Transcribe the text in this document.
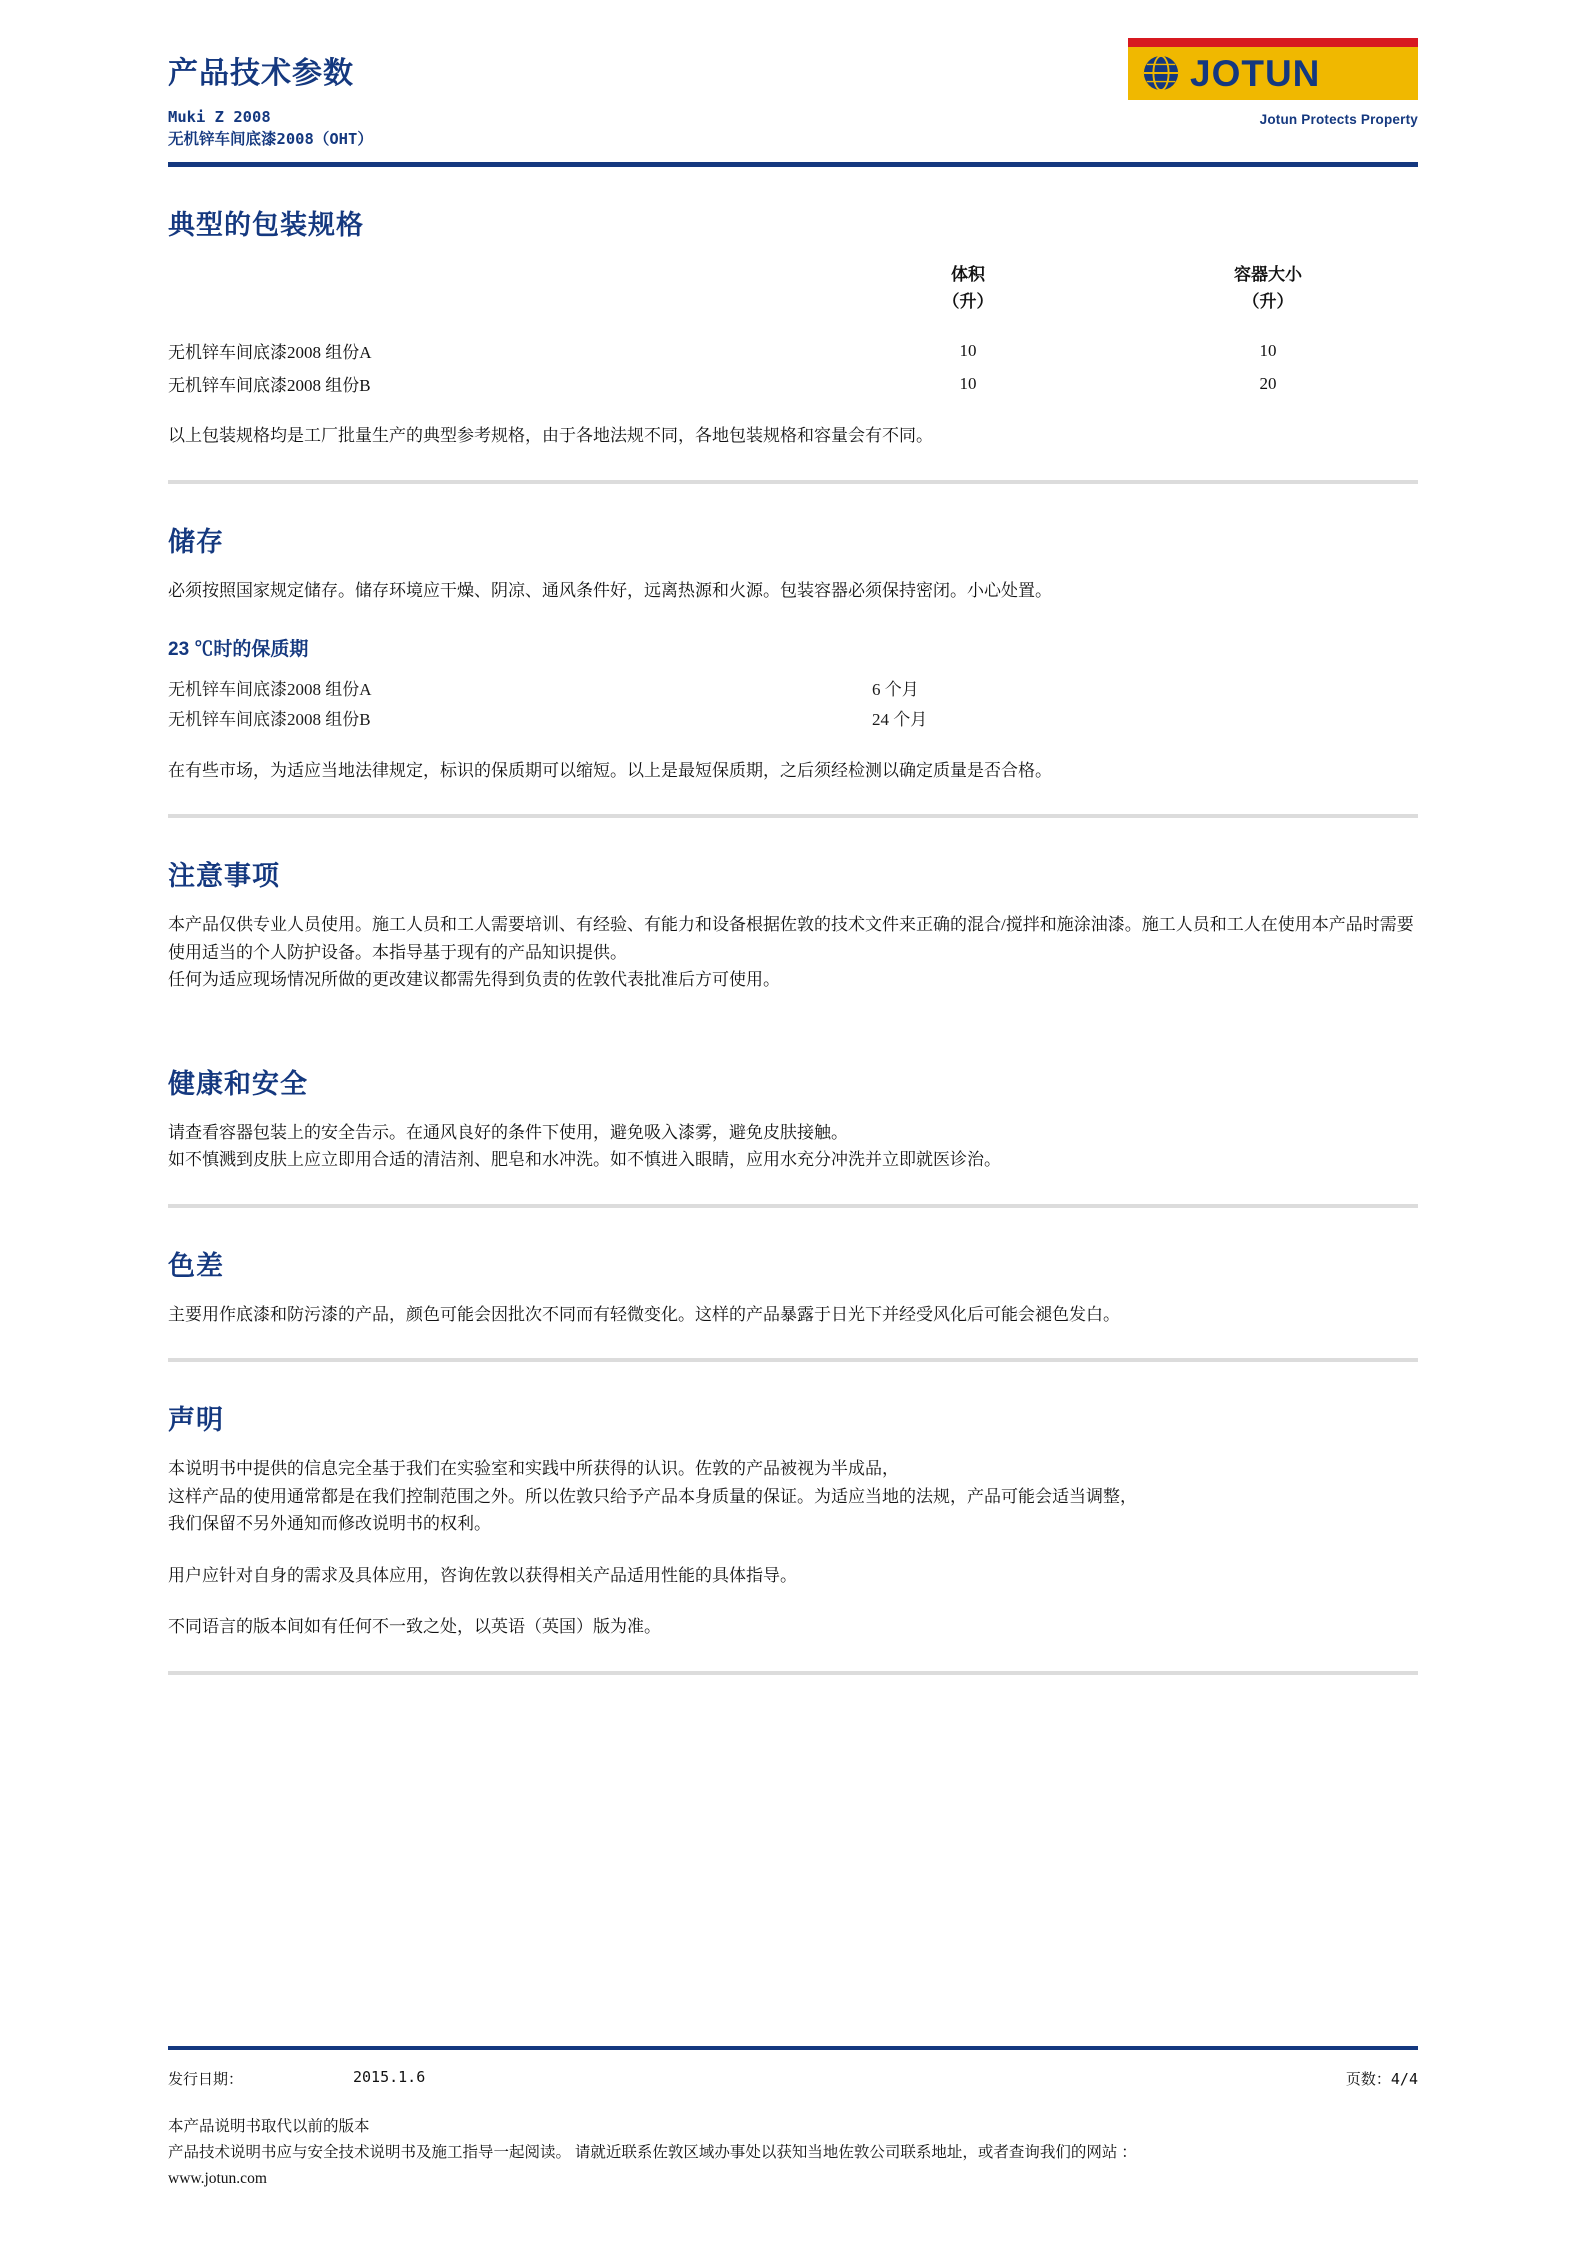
产品技术参数
Muki Z 2008
无机锌车间底漆2008（OHT）
JOTUN
Jotun Protects Property
典型的包装规格
	体积	容器大小
	（升）	（升）
无机锌车间底漆2008 组份A	10	10
无机锌车间底漆2008 组份B	10	20

以上包装规格均是工厂批量生产的典型参考规格，由于各地法规不同，各地包装规格和容量会有不同。

储存

必须按照国家规定储存。储存环境应干燥、阴凉、通风条件好，远离热源和火源。包装容器必须保持密闭。小心处置。

23 ℃时的保质期
无机锌车间底漆2008 组份A	6 个月
无机锌车间底漆2008 组份B	24 个月

在有些市场，为适应当地法律规定，标识的保质期可以缩短。以上是最短保质期，之后须经检测以确定质量是否合格。

注意事项

本产品仅供专业人员使用。施工人员和工人需要培训、有经验、有能力和设备根据佐敦的技术文件来正确的混合/搅拌和施涂油漆。施工人员和工人在使用本产品时需要使用适当的个人防护设备。本指导基于现有的产品知识提供。

任何为适应现场情况所做的更改建议都需先得到负责的佐敦代表批准后方可使用。

健康和安全

请查看容器包装上的安全告示。在通风良好的条件下使用，避免吸入漆雾，避免皮肤接触。

如不慎溅到皮肤上应立即用合适的清洁剂、肥皂和水冲洗。如不慎进入眼睛，应用水充分冲洗并立即就医诊治。

色差

主要用作底漆和防污漆的产品，颜色可能会因批次不同而有轻微变化。这样的产品暴露于日光下并经受风化后可能会褪色发白。

声明

本说明书中提供的信息完全基于我们在实验室和实践中所获得的认识。佐敦的产品被视为半成品，

这样产品的使用通常都是在我们控制范围之外。所以佐敦只给予产品本身质量的保证。为适应当地的法规，产品可能会适当调整，

我们保留不另外通知而修改说明书的权利。

用户应针对自身的需求及具体应用，咨询佐敦以获得相关产品适用性能的具体指导。

不同语言的版本间如有任何不一致之处，以英语（英国）版为准。

发行日期：	2015.1.6	页数：4/4
本产品说明书取代以前的版本
产品技术说明书应与安全技术说明书及施工指导一起阅读。 请就近联系佐敦区域办事处以获知当地佐敦公司联系地址，或者查询我们的网站 ：
www.jotun.com
